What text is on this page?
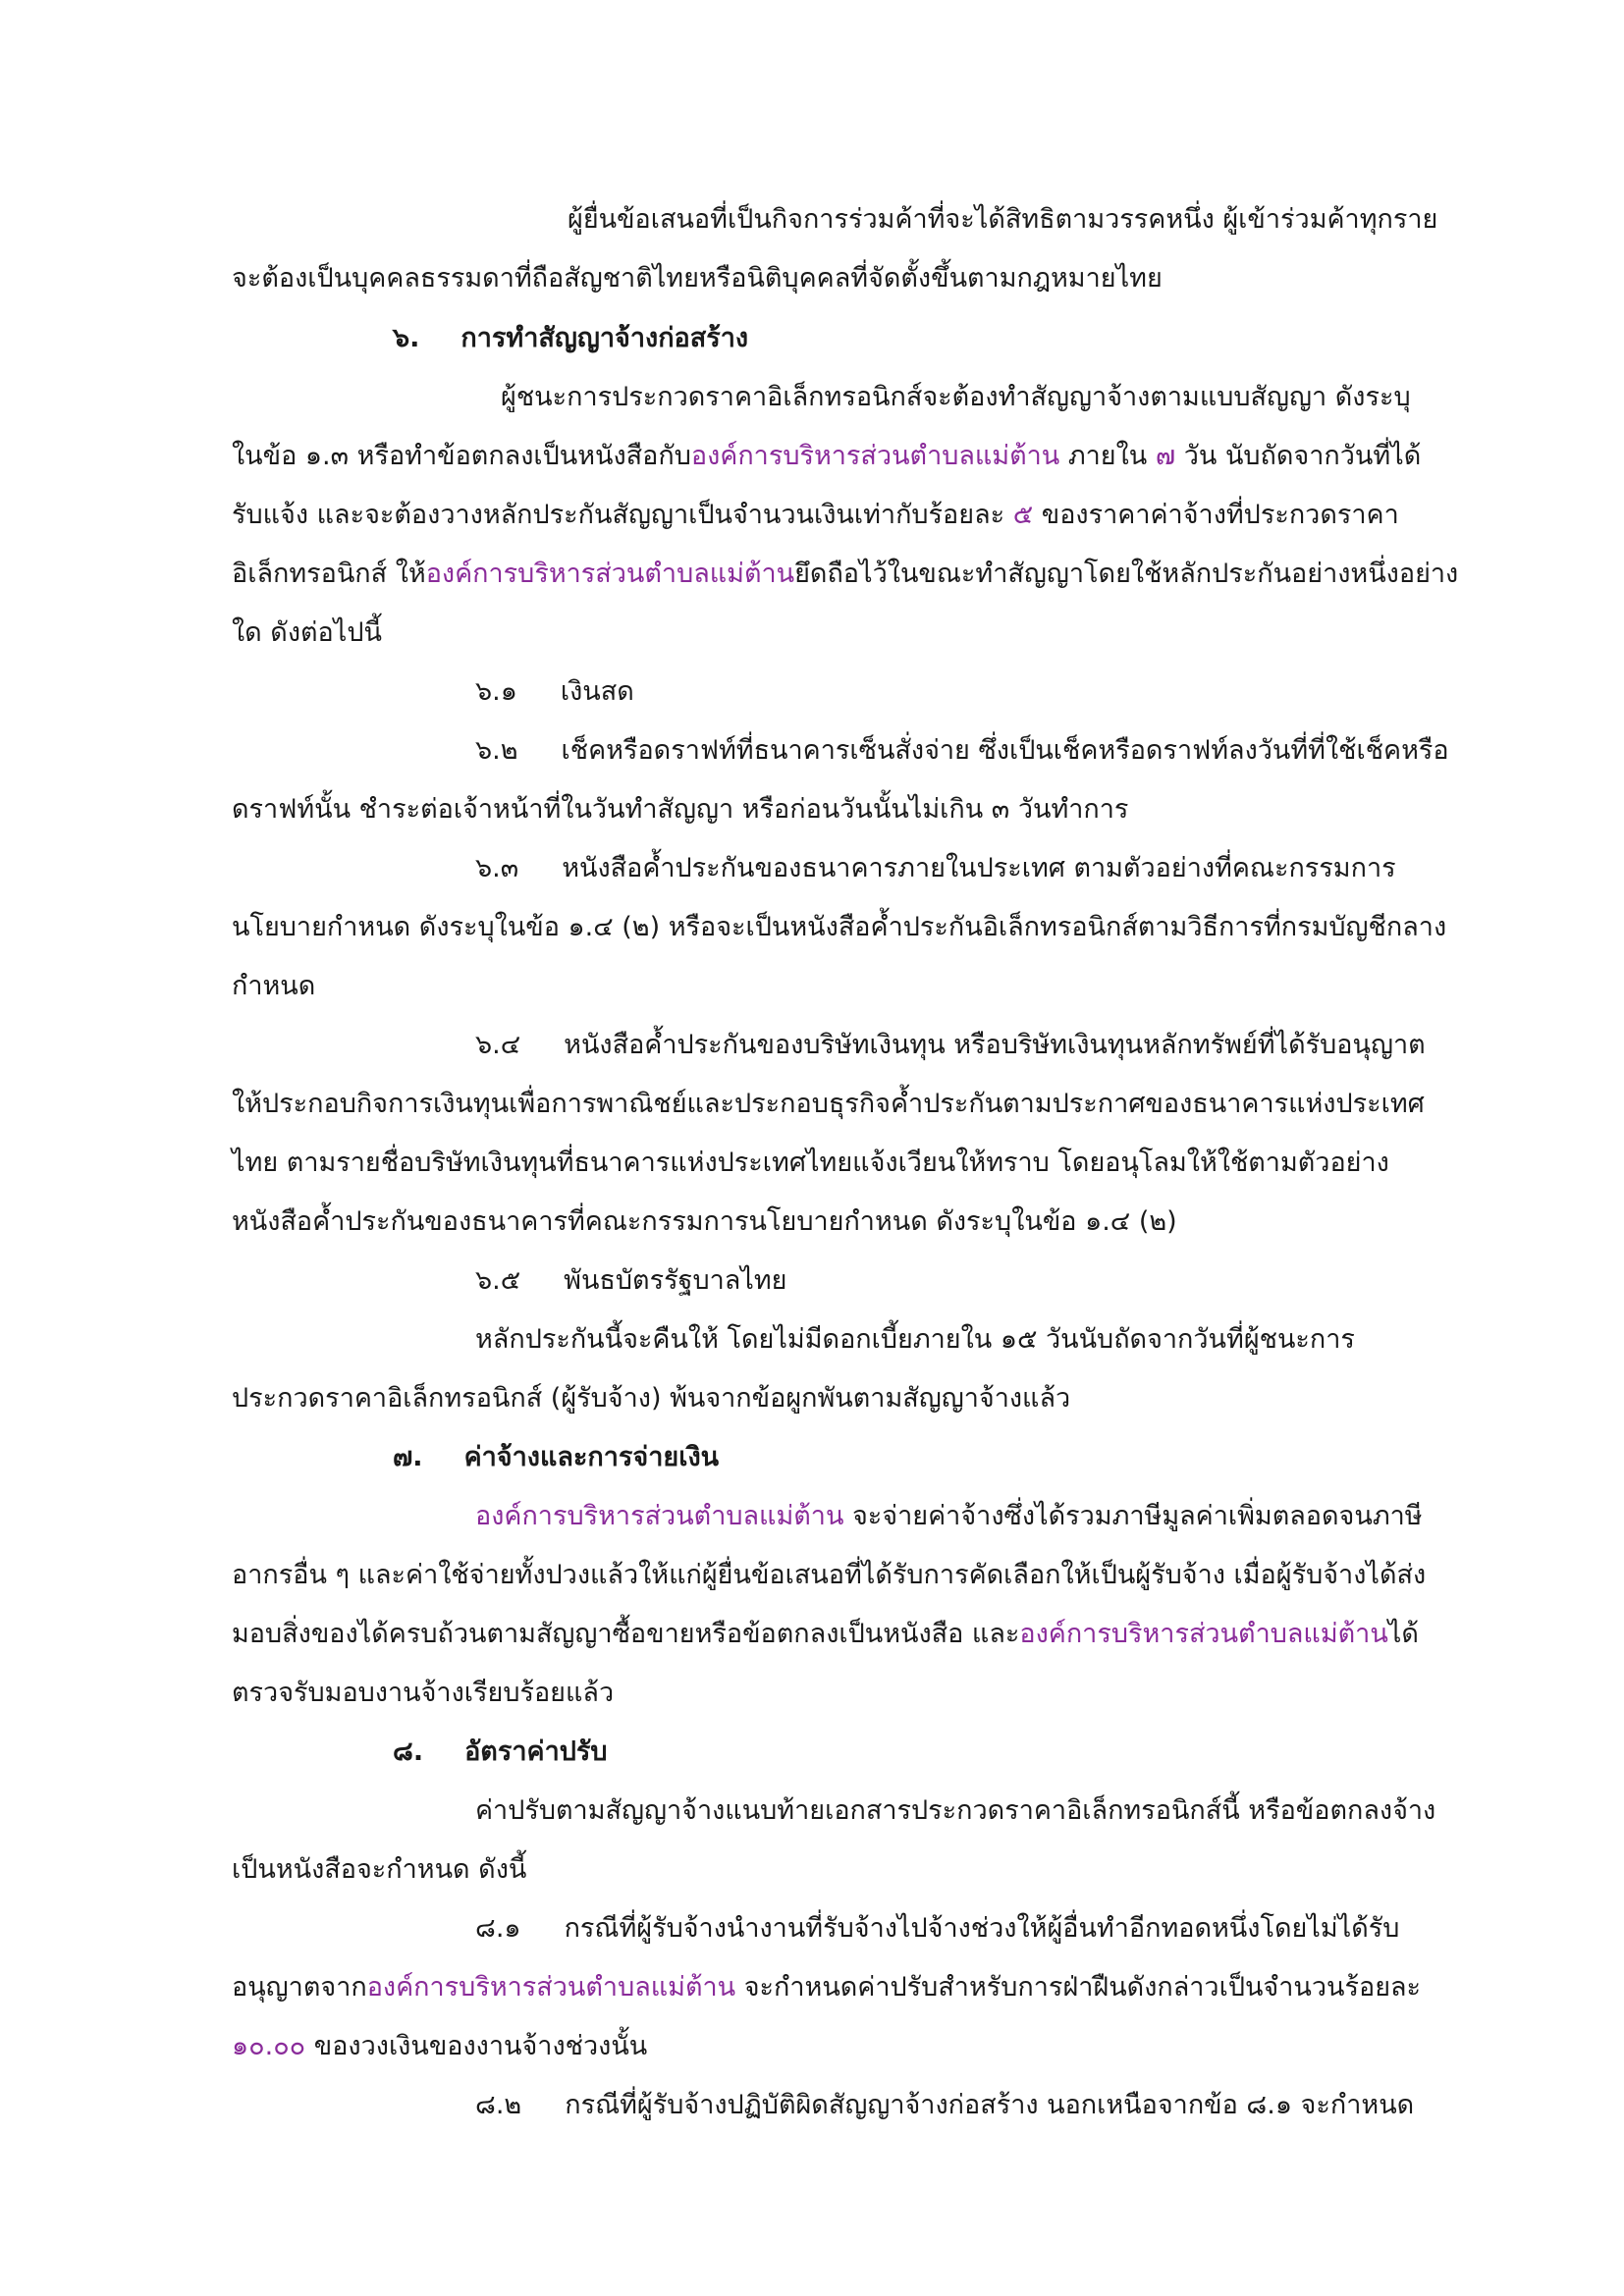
ผู้ยื่นข้อเสนอที่เป็นกิจการร่วมค้าที่จะได้สิทธิตามวรรคหนึ่ง ผู้เข้าร่วมค้าทุกราย
จะต้องเป็นบุคคลธรรมดาที่ถือสัญชาติไทยหรือนิติบุคคลที่จัดตั้งขึ้นตามกฎหมายไทย
๖. การทำสัญญาจ้างก่อสร้าง
ผู้ชนะการประกวดราคาอิเล็กทรอนิกส์จะต้องทำสัญญาจ้างตามแบบสัญญา ดังระบุ
ในข้อ ๑.๓ หรือทำข้อตกลงเป็นหนังสือกับองค์การบริหารส่วนตำบลแม่ต้าน ภายใน ๗ วัน นับถัดจากวันที่ได้
รับแจ้ง และจะต้องวางหลักประกันสัญญาเป็นจำนวนเงินเท่ากับร้อยละ ๕ ของราคาค่าจ้างที่ประกวดราคา
อิเล็กทรอนิกส์ ให้องค์การบริหารส่วนตำบลแม่ต้านยึดถือไว้ในขณะทำสัญญาโดยใช้หลักประกันอย่างหนึ่งอย่าง
ใด ดังต่อไปนี้
๖.๑ เงินสด
๖.๒ เช็คหรือดราฟท์ที่ธนาคารเซ็นสั่งจ่าย ซึ่งเป็นเช็คหรือดราฟท์ลงวันที่ที่ใช้เช็คหรือ
ดราฟท์นั้น ชำระต่อเจ้าหน้าที่ในวันทำสัญญา หรือก่อนวันนั้นไม่เกิน ๓ วันทำการ
๖.๓ หนังสือค้ำประกันของธนาคารภายในประเทศ ตามตัวอย่างที่คณะกรรมการ
นโยบายกำหนด ดังระบุในข้อ ๑.๔ (๒) หรือจะเป็นหนังสือค้ำประกันอิเล็กทรอนิกส์ตามวิธีการที่กรมบัญชีกลาง
กำหนด
๖.๔ หนังสือค้ำประกันของบริษัทเงินทุน หรือบริษัทเงินทุนหลักทรัพย์ที่ได้รับอนุญาต
ให้ประกอบกิจการเงินทุนเพื่อการพาณิชย์และประกอบธุรกิจค้ำประกันตามประกาศของธนาคารแห่งประเทศ
ไทย ตามรายชื่อบริษัทเงินทุนที่ธนาคารแห่งประเทศไทยแจ้งเวียนให้ทราบ โดยอนุโลมให้ใช้ตามตัวอย่าง
หนังสือค้ำประกันของธนาคารที่คณะกรรมการนโยบายกำหนด ดังระบุในข้อ ๑.๔ (๒)
๖.๕ พันธบัตรรัฐบาลไทย
หลักประกันนี้จะคืนให้ โดยไม่มีดอกเบี้ยภายใน ๑๕ วันนับถัดจากวันที่ผู้ชนะการ
ประกวดราคาอิเล็กทรอนิกส์ (ผู้รับจ้าง) พ้นจากข้อผูกพันตามสัญญาจ้างแล้ว
๗. ค่าจ้างและการจ่ายเงิน
องค์การบริหารส่วนตำบลแม่ต้าน จะจ่ายค่าจ้างซึ่งได้รวมภาษีมูลค่าเพิ่มตลอดจนภาษี
อากรอื่น ๆ และค่าใช้จ่ายทั้งปวงแล้วให้แก่ผู้ยื่นข้อเสนอที่ได้รับการคัดเลือกให้เป็นผู้รับจ้าง เมื่อผู้รับจ้างได้ส่ง
มอบสิ่งของได้ครบถ้วนตามสัญญาซื้อขายหรือข้อตกลงเป็นหนังสือ และองค์การบริหารส่วนตำบลแม่ต้านได้
ตรวจรับมอบงานจ้างเรียบร้อยแล้ว
๘. อัตราค่าปรับ
ค่าปรับตามสัญญาจ้างแนบท้ายเอกสารประกวดราคาอิเล็กทรอนิกส์นี้ หรือข้อตกลงจ้าง
เป็นหนังสือจะกำหนด ดังนี้
๘.๑ กรณีที่ผู้รับจ้างนำงานที่รับจ้างไปจ้างช่วงให้ผู้อื่นทำอีกทอดหนึ่งโดยไม่ได้รับ
อนุญาตจากองค์การบริหารส่วนตำบลแม่ต้าน จะกำหนดค่าปรับสำหรับการฝ่าฝืนดังกล่าวเป็นจำนวนร้อยละ
๑๐.๐๐ ของวงเงินของงานจ้างช่วงนั้น
๘.๒ กรณีที่ผู้รับจ้างปฏิบัติผิดสัญญาจ้างก่อสร้าง นอกเหนือจากข้อ ๘.๑ จะกำหนด
